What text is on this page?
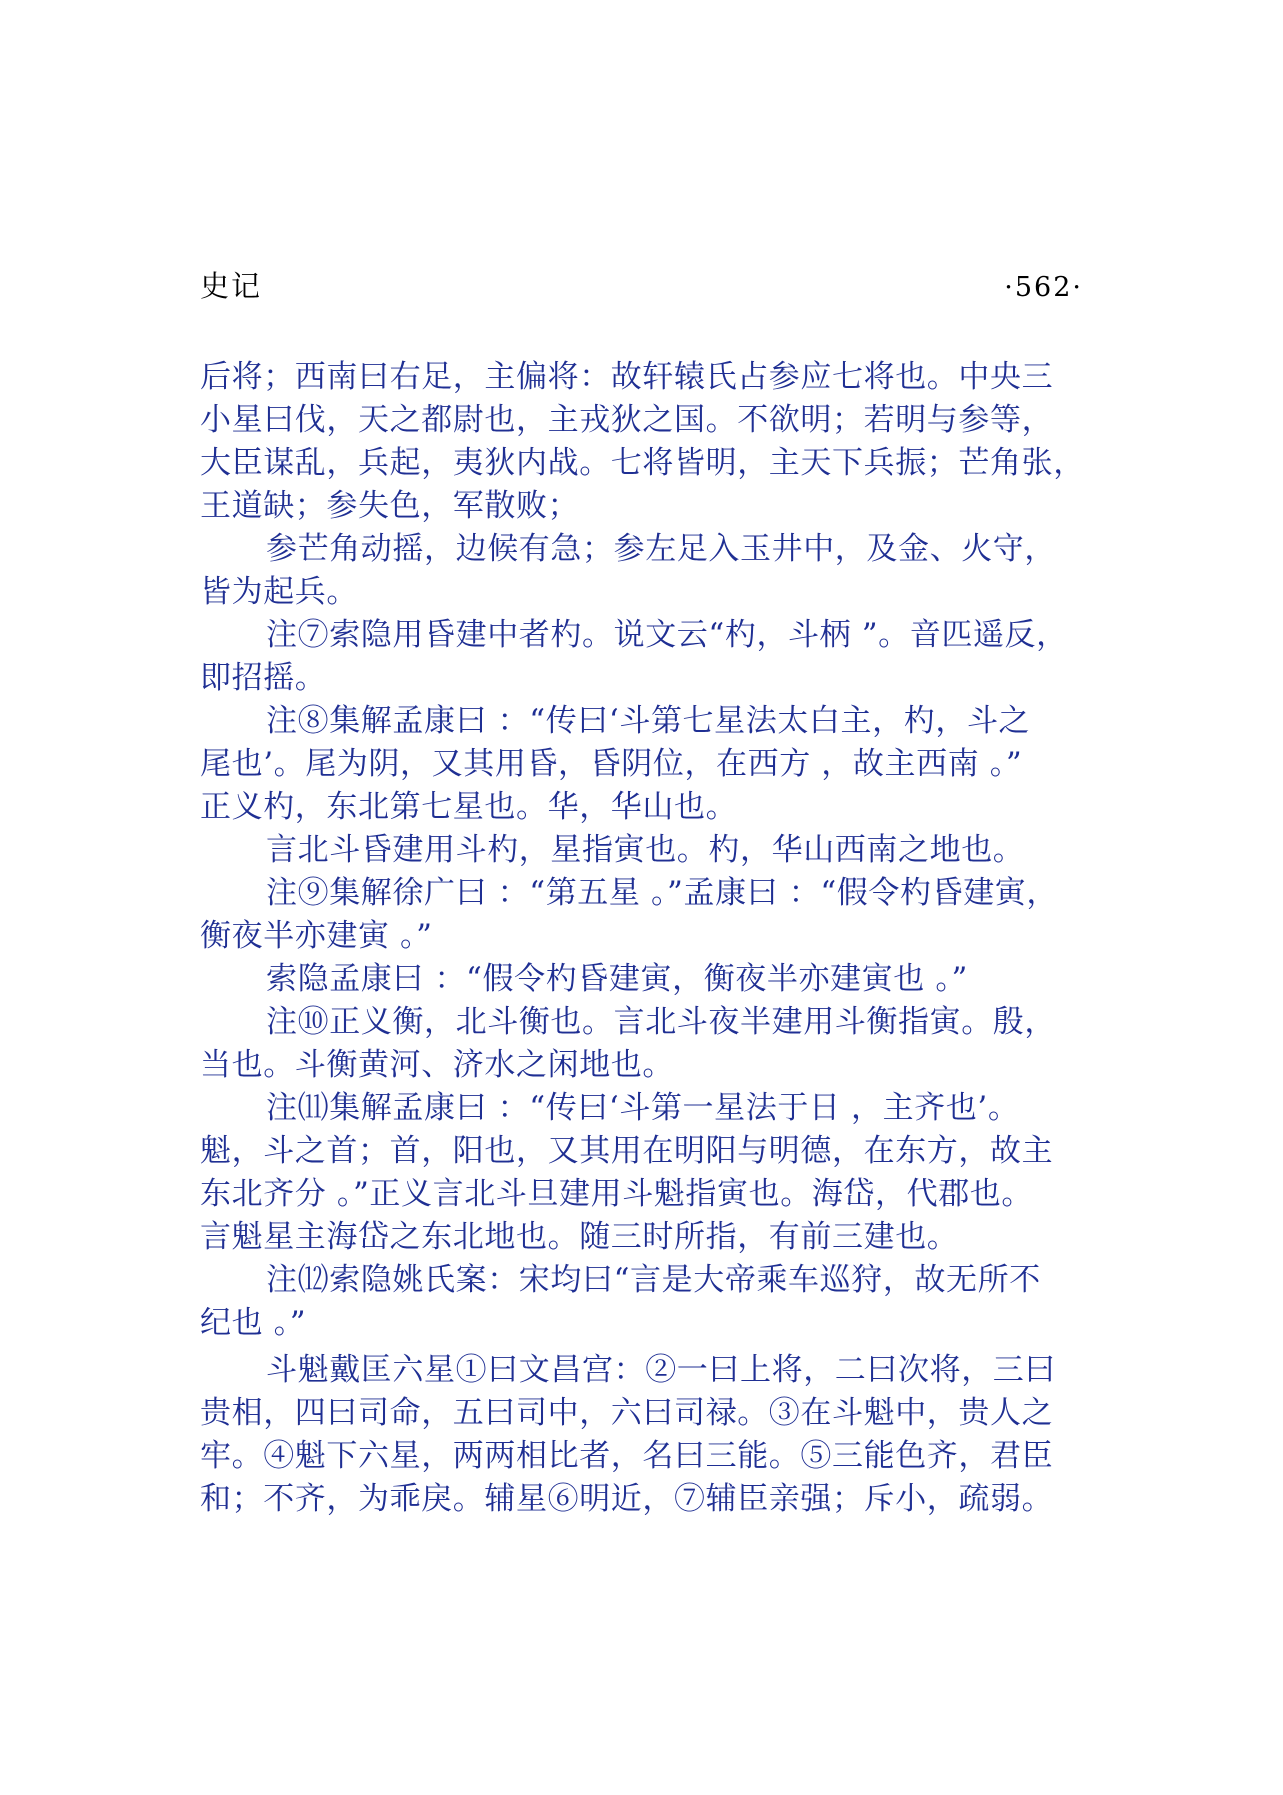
史记	·562·
后将；西南曰右足，主偏将：故轩辕氏占参应七将也。中央三
小星曰伐，天之都尉也，主戎狄之国。不欲明；若明与参等，
大臣谋乱，兵起，夷狄内战。七将皆明，主天下兵振；芒角张，
王道缺；参失色，军散败；
参芒角动摇，边候有急；参左足入玉井中，及金、火守，
皆为起兵。
注⑦索隐用昏建中者杓。说文云“杓，斗柄 ”。音匹遥反，
即招摇。
注⑧集解孟康曰 ：“传曰‘斗第七星法太白主，杓，斗之
尾也’。尾为阴，又其用昏，昏阴位，在西方 ，故主西南 。”
正义杓，东北第七星也。华，华山也。
言北斗昏建用斗杓，星指寅也。杓，华山西南之地也。
注⑨集解徐广曰 ：“第五星 。”孟康曰 ：“假令杓昏建寅，
衡夜半亦建寅 。”
索隐孟康曰 ：“假令杓昏建寅，衡夜半亦建寅也 。”
注⑩正义衡，北斗衡也。言北斗夜半建用斗衡指寅。殷，
当也。斗衡黄河、济水之闲地也。
注⑾集解孟康曰 ：“传曰‘斗第一星法于日 ，主齐也’。
魁，斗之首；首，阳也，又其用在明阳与明德，在东方，故主
东北齐分 。”正义言北斗旦建用斗魁指寅也。海岱，代郡也。
言魁星主海岱之东北地也。随三时所指，有前三建也。
注⑿索隐姚氏案：宋均曰“言是大帝乘车巡狩，故无所不
纪也 。”
斗魁戴匡六星①曰文昌宫：②一曰上将，二曰次将，三曰
贵相，四曰司命，五曰司中，六曰司禄。③在斗魁中，贵人之
牢。④魁下六星，两两相比者，名曰三能。⑤三能色齐，君臣
和；不齐，为乖戾。辅星⑥明近，⑦辅臣亲强；斥小，疏弱。
